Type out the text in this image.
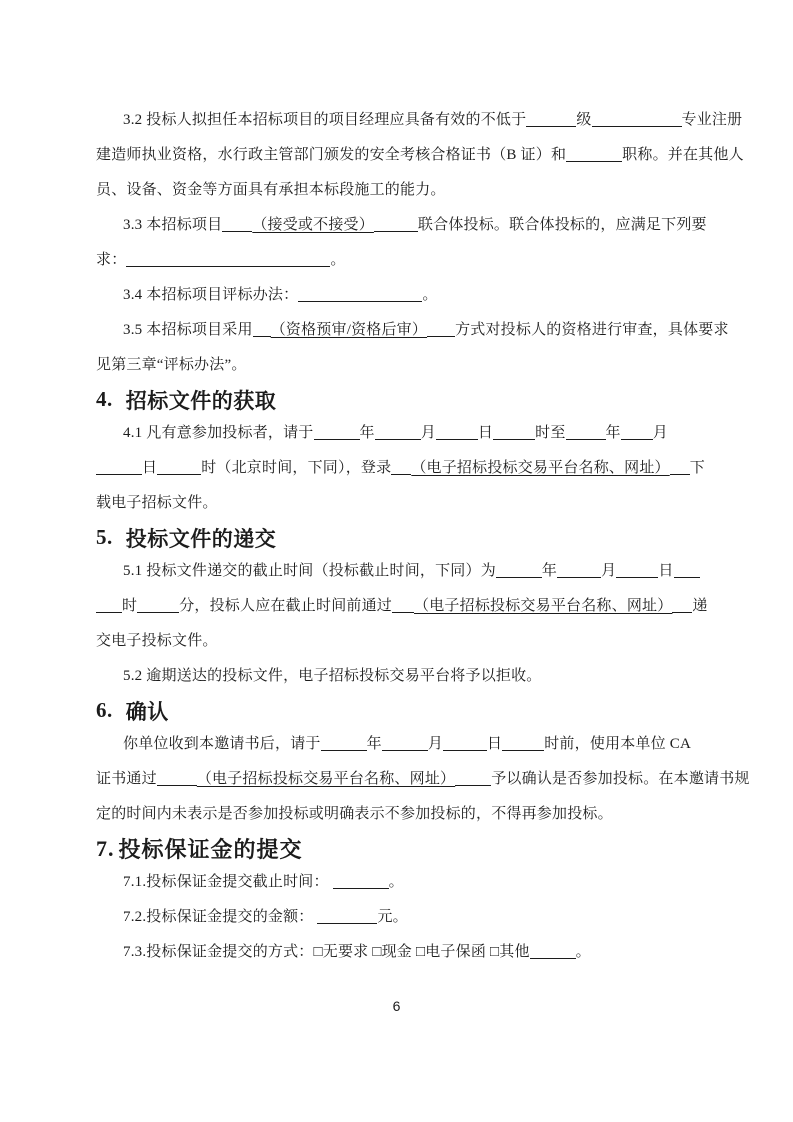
3.2 投标人拟担任本招标项目的项目经理应具备有效的不低于	级	专业注册
建造师执业资格，水行政主管部门颁发的安全考核合格证书（B 证）和	职称。并在其他人
员、设备、资金等方面具有承担本标段施工的能力。
3.3 本招标项目 （接受或不接受）	联合体投标。联合体投标的，应满足下列要
求：	。
3.4 本招标项目评标办法：	。
3.5 本招标项目采用 （资格预审/资格后审） 方式对投标人的资格进行审查，具体要求
见第三章“评标办法”。
4. 招标文件的获取
4.1 凡有意参加投标者，请于	年	月	日	时至	年 月
日	时（北京时间，下同），登录 （电子招标投标交易平台名称、网址） 下
载电子招标文件。
5. 投标文件的递交
5.1 投标文件递交的截止时间（投标截止时间，下同）为	年	月	日
时	分，投标人应在截止时间前通过 （电子招标投标交易平台名称、网址） 递
交电子投标文件。
5.2 逾期送达的投标文件，电子招标投标交易平台将予以拒收。
6. 确认
你单位收到本邀请书后，请于	年	月	日	时前，使用本单位 CA
证书通过	（电子招标投标交易平台名称、网址） 予以确认是否参加投标。在本邀请书规
定的时间内未表示是否参加投标或明确表示不参加投标的，不得再参加投标。
7. 投标保证金的提交
7.1.投标保证金提交截止时间：	。
7.2.投标保证金提交的金额：	元。
7.3.投标保证金提交的方式：□无要求 □现金 □电子保函 □其他	。
6
